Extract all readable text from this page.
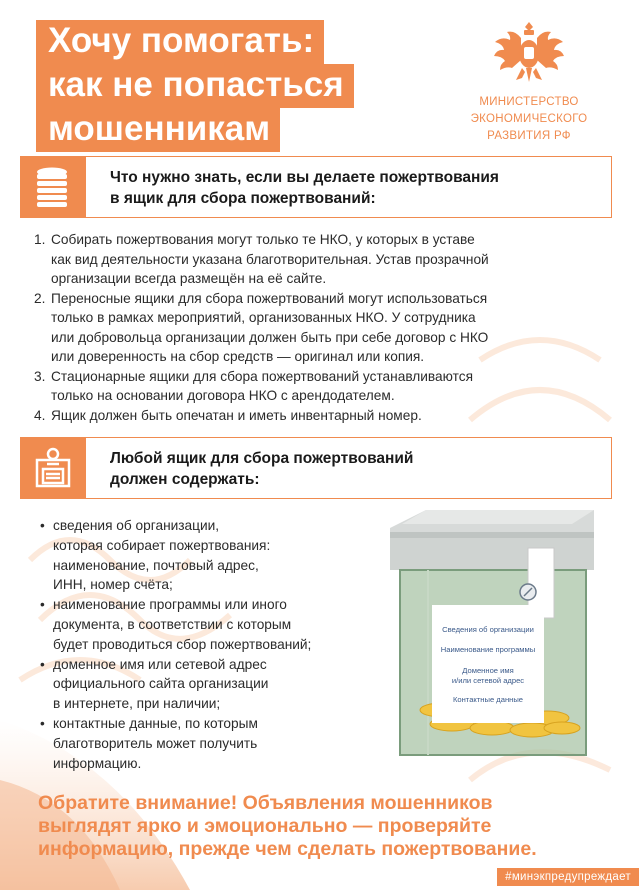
Хочу помогать:
как не попасться
мошенникам
МИНИСТЕРСТВО
ЭКОНОМИЧЕСКОГО
РАЗВИТИЯ РФ
Что нужно знать, если вы делаете пожертвования
в ящик для сбора пожертвований:
1. Собирать пожертвования могут только те НКО, у которых в уставе
как вид деятельности указана благотворительная. Устав прозрачной
организации всегда размещён на её сайте.
2. Переносные ящики для сбора пожертвований могут использоваться
только в рамках мероприятий, организованных НКО. У сотрудника
или добровольца организации должен быть при себе договор с НКО
или доверенность на сбор средств — оригинал или копия.
3. Стационарные ящики для сбора пожертвований устанавливаются
только на основании договора НКО с арендодателем.
4. Ящик должен быть опечатан и иметь инвентарный номер.
Любой ящик для сбора пожертвований
должен содержать:
• сведения об организации,
которая собирает пожертвования:
наименование, почтовый адрес,
ИНН, номер счёта;
• наименование программы или иного
документа, в соответствии с которым
будет проводиться сбор пожертвований;
• доменное имя или сетевой адрес
официального сайта организации
в интернете, при наличии;
• контактные данные, по которым
благотворитель может получить
информацию.
Сведения об организации
Наименование программы
Доменное имя
и/или сетевой адрес
Контактные данные
Обратите внимание! Объявления мошенников
выглядят ярко и эмоционально — проверяйте
информацию, прежде чем сделать пожертвование.
#минэкпредупреждает
